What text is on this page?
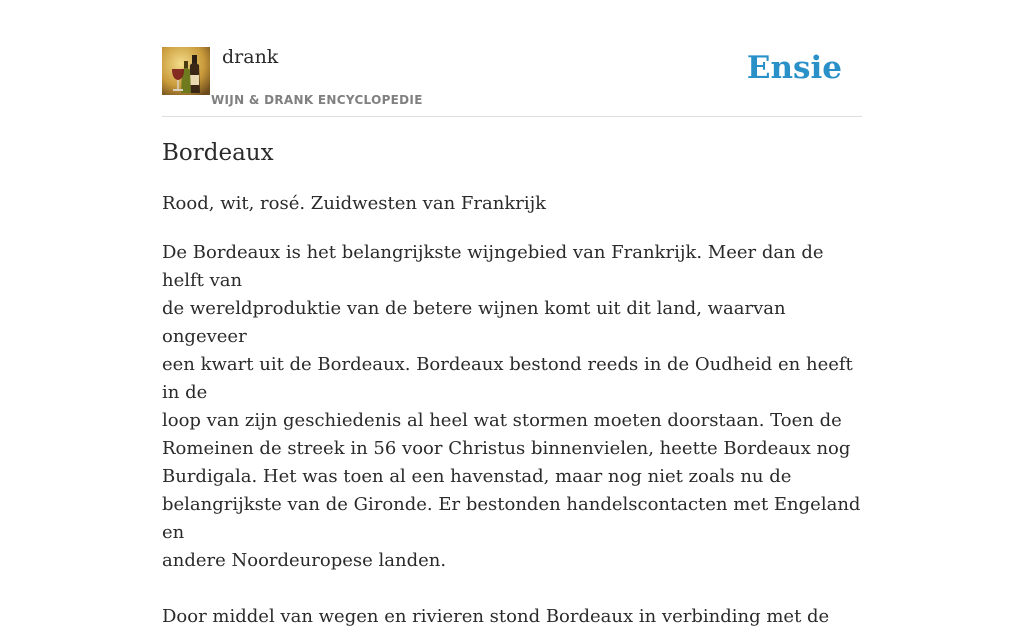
drank
WIJN & DRANK ENCYCLOPEDIE
Ensie
Bordeaux

Rood, wit, rosé. Zuidwesten van Frankrijk

De Bordeaux is het belangrijkste wijngebied van Frankrijk. Meer dan de helft van
de wereldproduktie van de betere wijnen komt uit dit land, waarvan ongeveer
een kwart uit de Bordeaux. Bordeaux bestond reeds in de Oudheid en heeft in de
loop van zijn geschiedenis al heel wat stormen moeten doorstaan. Toen de
Romeinen de streek in 56 voor Christus binnenvielen, heette Bordeaux nog
Burdigala. Het was toen al een havenstad, maar nog niet zoals nu de
belangrijkste van de Gironde. Er bestonden handelscontacten met Engeland en
andere Noordeuropese landen.

Door middel van wegen en rivieren stond Bordeaux in verbinding met de
